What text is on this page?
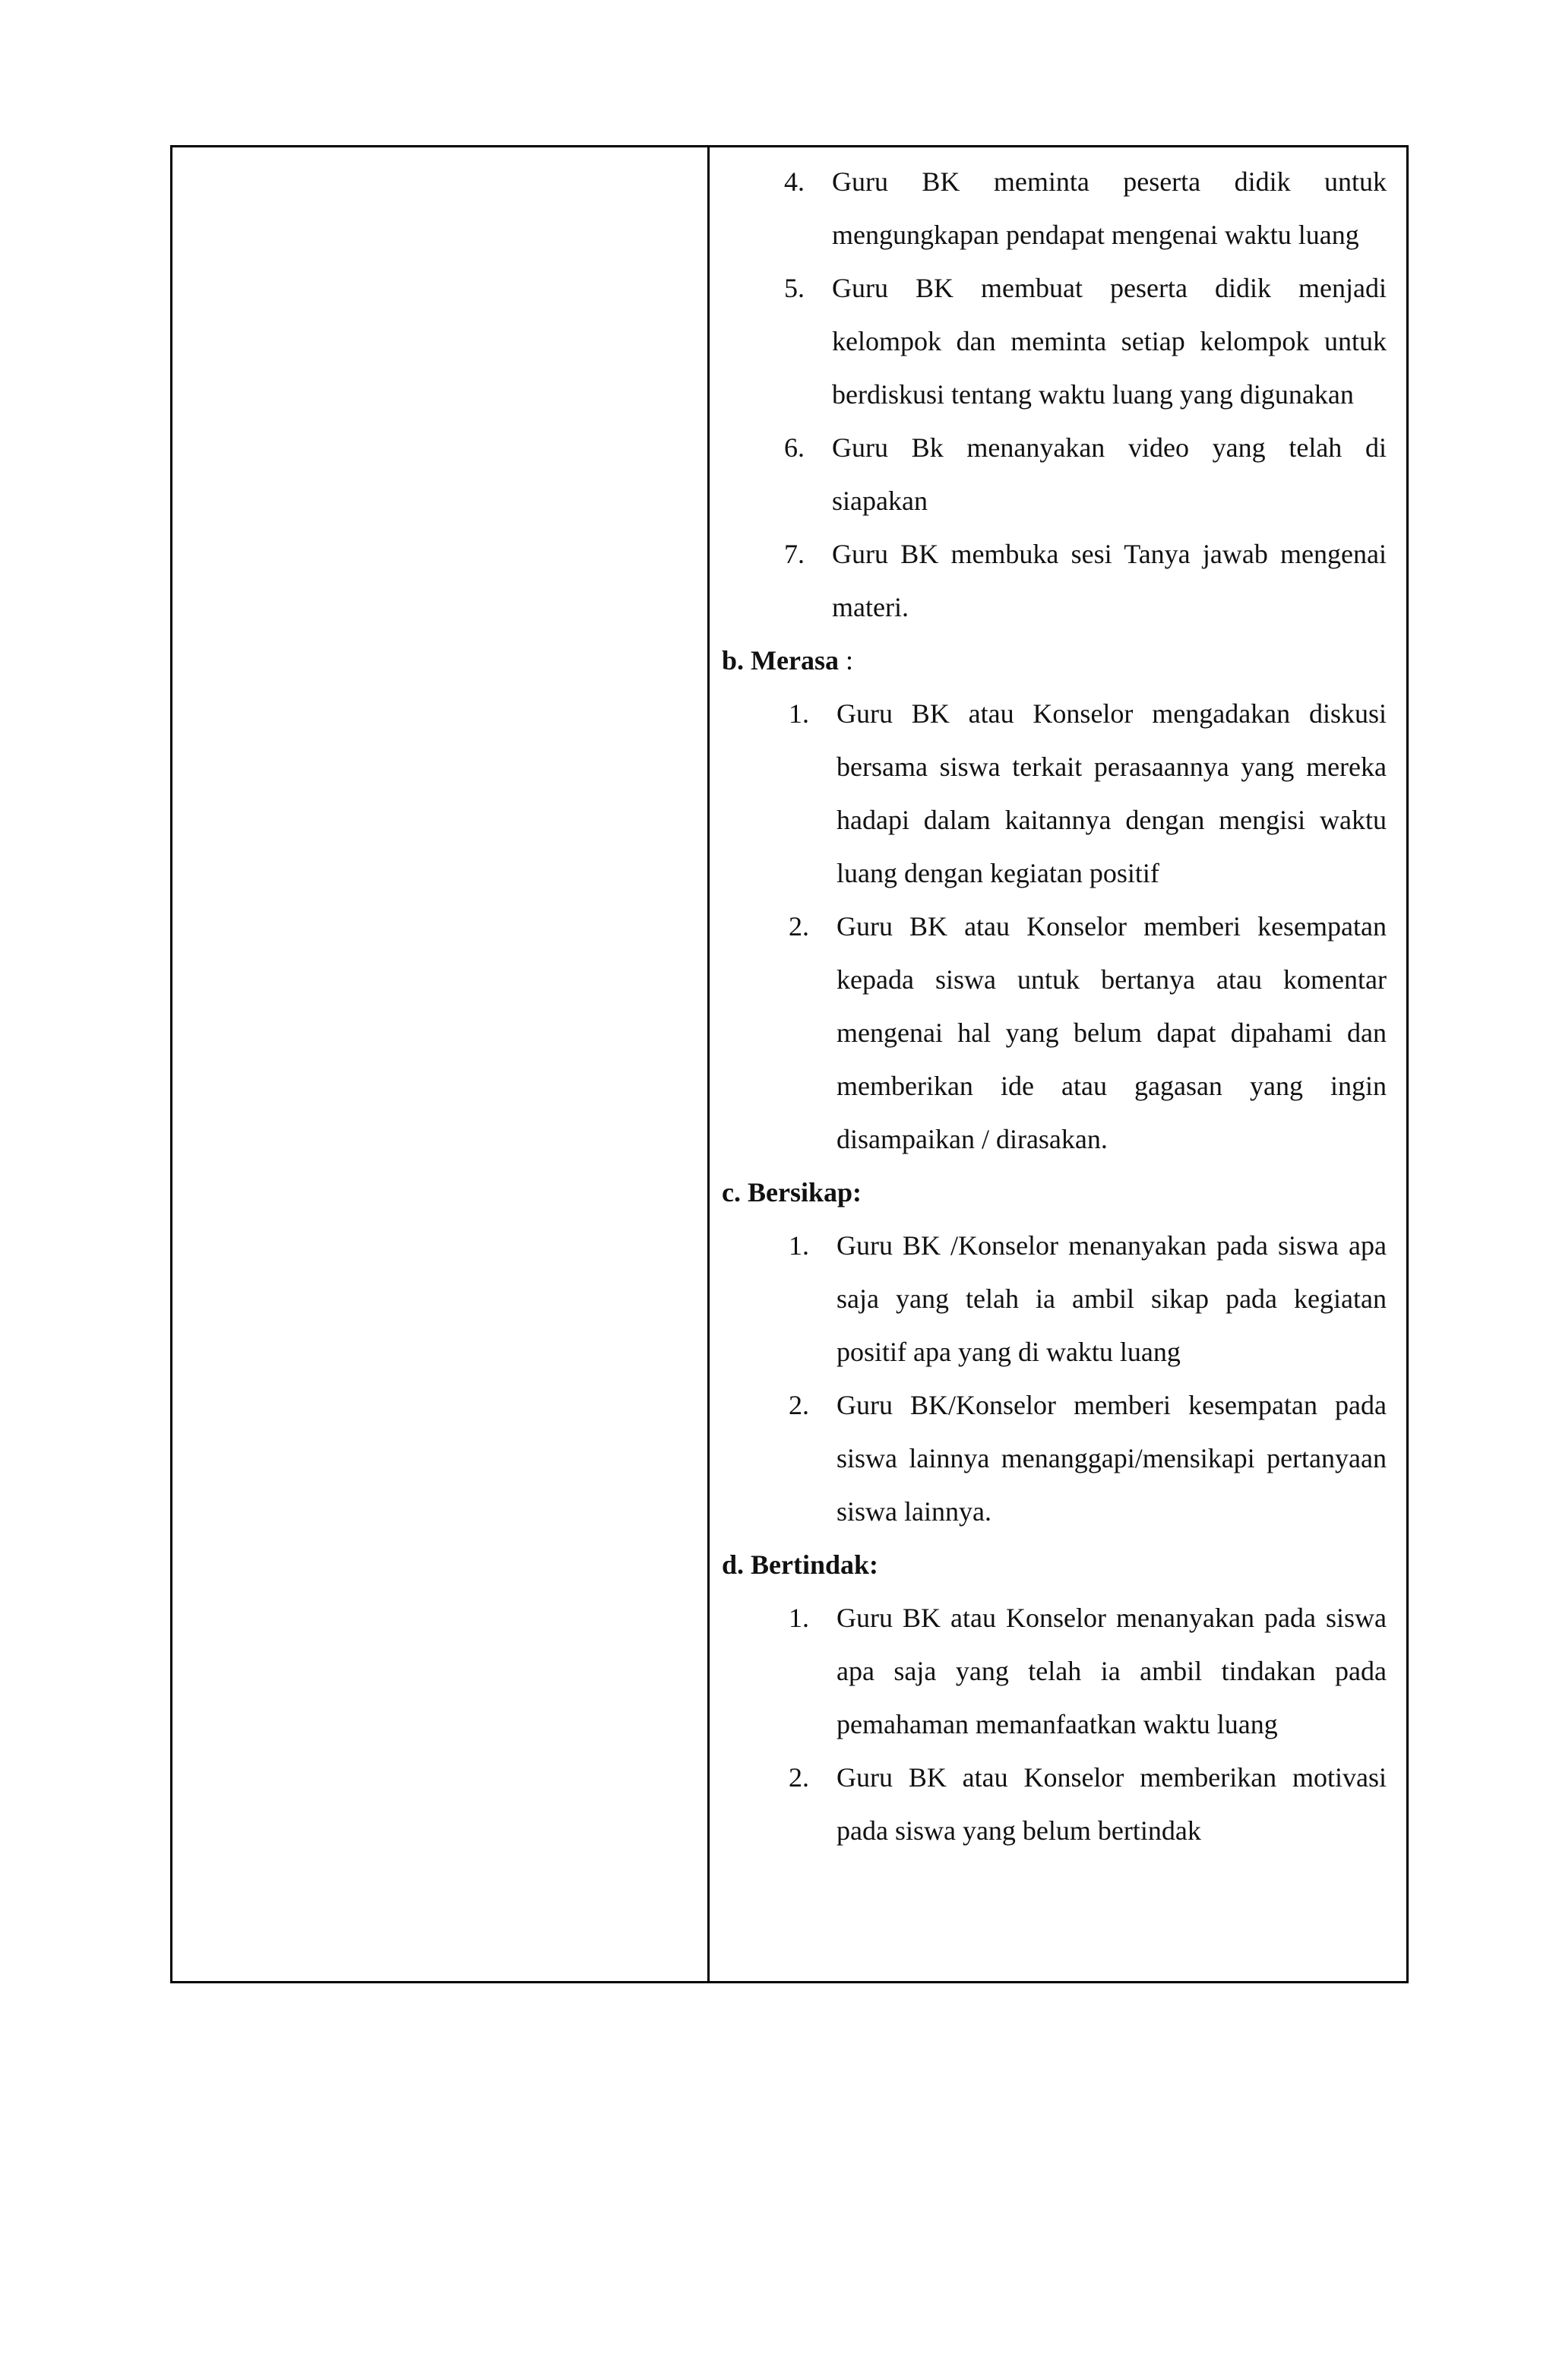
4. Guru BK meminta peserta didik untuk mengungkapan pendapat mengenai waktu luang
5. Guru BK membuat peserta didik menjadi kelompok dan meminta setiap kelompok untuk berdiskusi tentang waktu luang yang digunakan
6. Guru Bk menanyakan video yang telah di siapakan
7. Guru BK membuka sesi Tanya jawab mengenai materi.
b. Merasa :
1. Guru BK atau Konselor mengadakan diskusi bersama siswa terkait perasaannya yang mereka hadapi dalam kaitannya dengan mengisi waktu luang dengan kegiatan positif
2. Guru BK atau Konselor memberi kesempatan kepada siswa untuk bertanya atau komentar mengenai hal yang belum dapat dipahami dan memberikan ide atau gagasan yang ingin disampaikan / dirasakan.
c. Bersikap:
1. Guru BK /Konselor menanyakan pada siswa apa saja yang telah ia ambil sikap pada kegiatan positif apa yang di waktu luang
2. Guru BK/Konselor memberi kesempatan pada siswa lainnya menanggapi/mensikapi pertanyaan siswa lainnya.
d. Bertindak:
1. Guru BK atau Konselor menanyakan pada siswa apa saja yang telah ia ambil tindakan pada pemahaman memanfaatkan waktu luang
2. Guru BK atau Konselor memberikan motivasi pada siswa yang belum bertindak
